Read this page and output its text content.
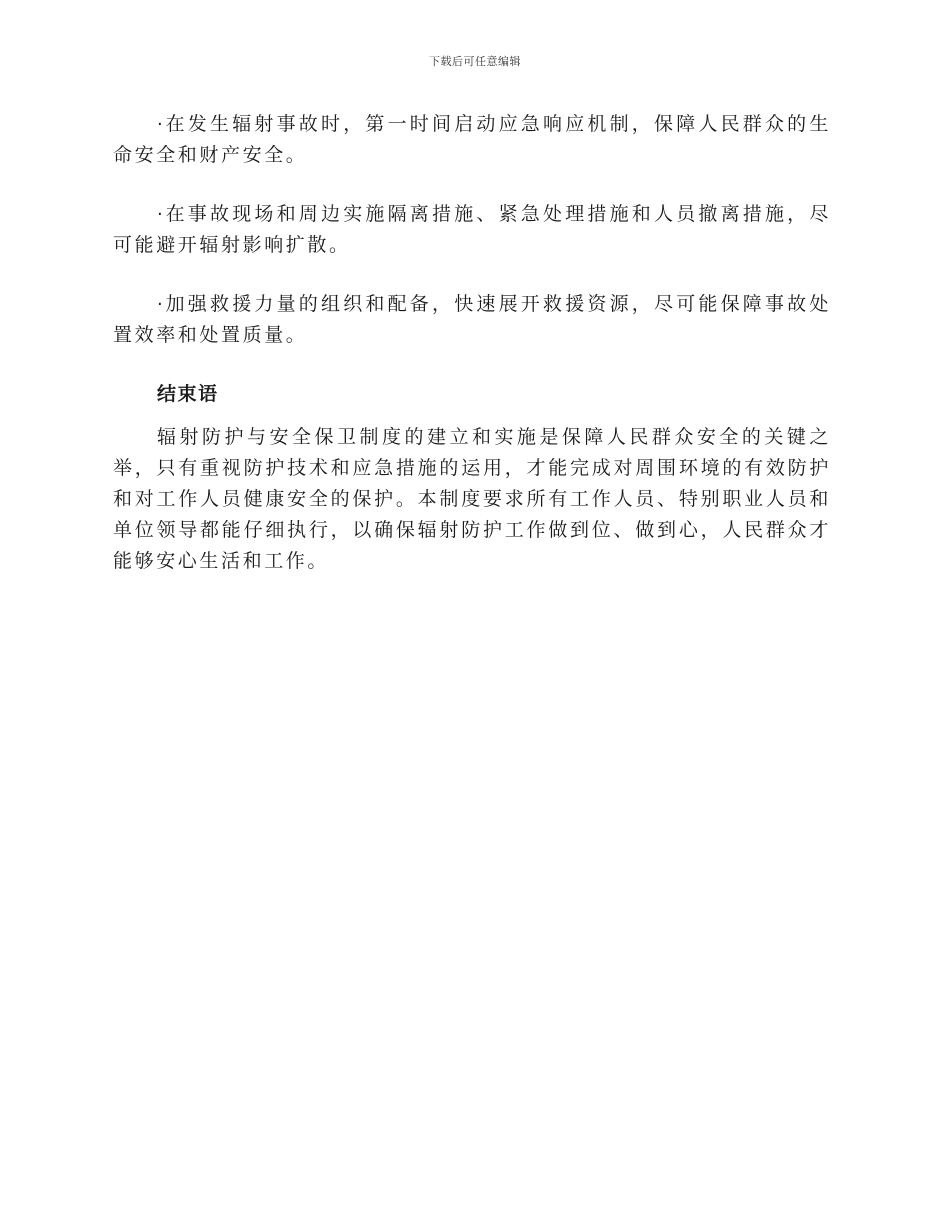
下载后可任意编辑

· 在发生辐射事故时，第一时间启动应急响应机制，保障人民群众的生命安全和财产安全。

· 在事故现场和周边实施隔离措施、紧急处理措施和人员撤离措施，尽可能避开辐射影响扩散。

· 加强救援力量的组织和配备，快速展开救援资源，尽可能保障事故处置效率和处置质量。

结束语

辐射防护与安全保卫制度的建立和实施是保障人民群众安全的关键之举，只有重视防护技术和应急措施的运用，才能完成对周围环境的有效防护和对工作人员健康安全的保护。本制度要求所有工作人员、特别职业人员和单位领导都能仔细执行，以确保辐射防护工作做到位、做到心，人民群众才能够安心生活和工作。
